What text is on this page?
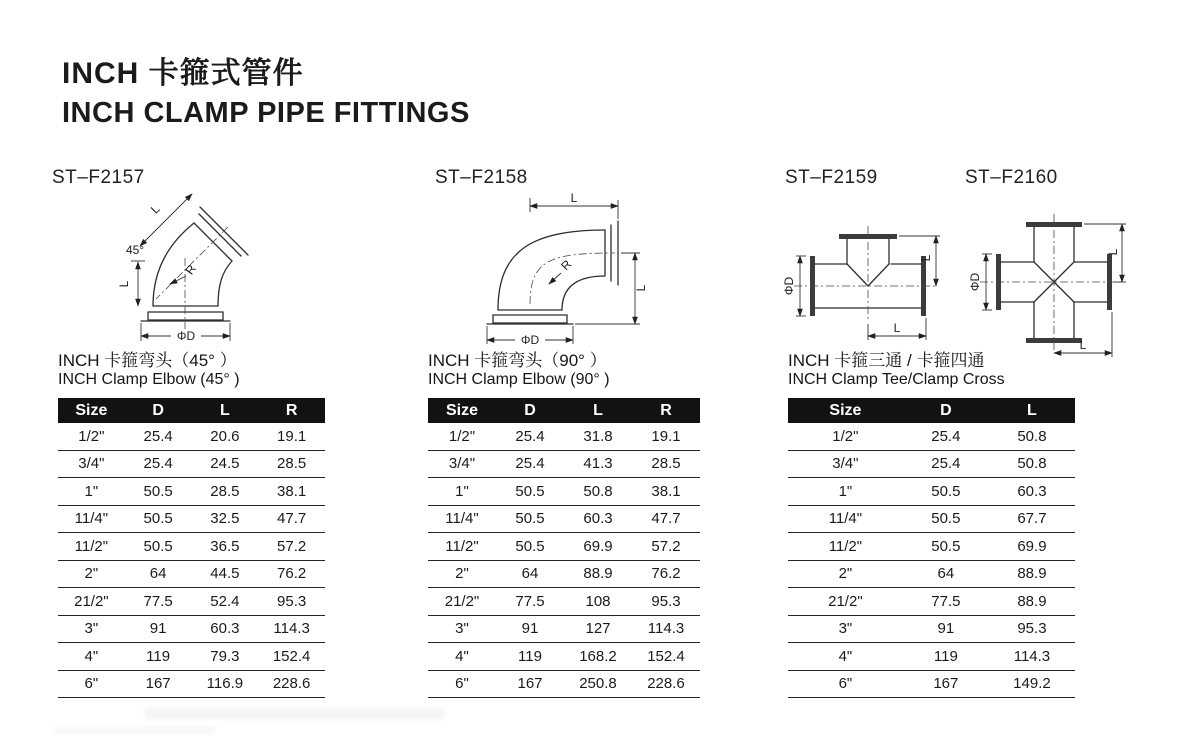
INCH 卡箍式管件
INCH CLAMP PIPE FITTINGS
ST–F2157	ST–F2158	ST–F2159	ST–F2160
L
45°
L
R
ΦD
L
L
R
ΦD
ΦD
L
L
ΦD
L
L
INCH 卡箍弯头（45° ）
INCH Clamp Elbow (45° )
INCH 卡箍弯头（90° ）
INCH Clamp Elbow (90° )
INCH 卡箍三通 / 卡箍四通
INCH Clamp Tee/Clamp Cross
Size	D	L	R
1/2"	25.4	20.6	19.1
3/4"	25.4	24.5	28.5
1"	50.5	28.5	38.1
11/4"	50.5	32.5	47.7
11/2"	50.5	36.5	57.2
2"	64	44.5	76.2
21/2"	77.5	52.4	95.3
3"	91	60.3	114.3
4"	119	79.3	152.4
6"	167	116.9	228.6
Size	D	L	R
1/2"	25.4	31.8	19.1
3/4"	25.4	41.3	28.5
1"	50.5	50.8	38.1
11/4"	50.5	60.3	47.7
11/2"	50.5	69.9	57.2
2"	64	88.9	76.2
21/2"	77.5	108	95.3
3"	91	127	114.3
4"	119	168.2	152.4
6"	167	250.8	228.6
Size	D	L
1/2"	25.4	50.8
3/4"	25.4	50.8
1"	50.5	60.3
11/4"	50.5	67.7
11/2"	50.5	69.9
2"	64	88.9
21/2"	77.5	88.9
3"	91	95.3
4"	119	114.3
6"	167	149.2
